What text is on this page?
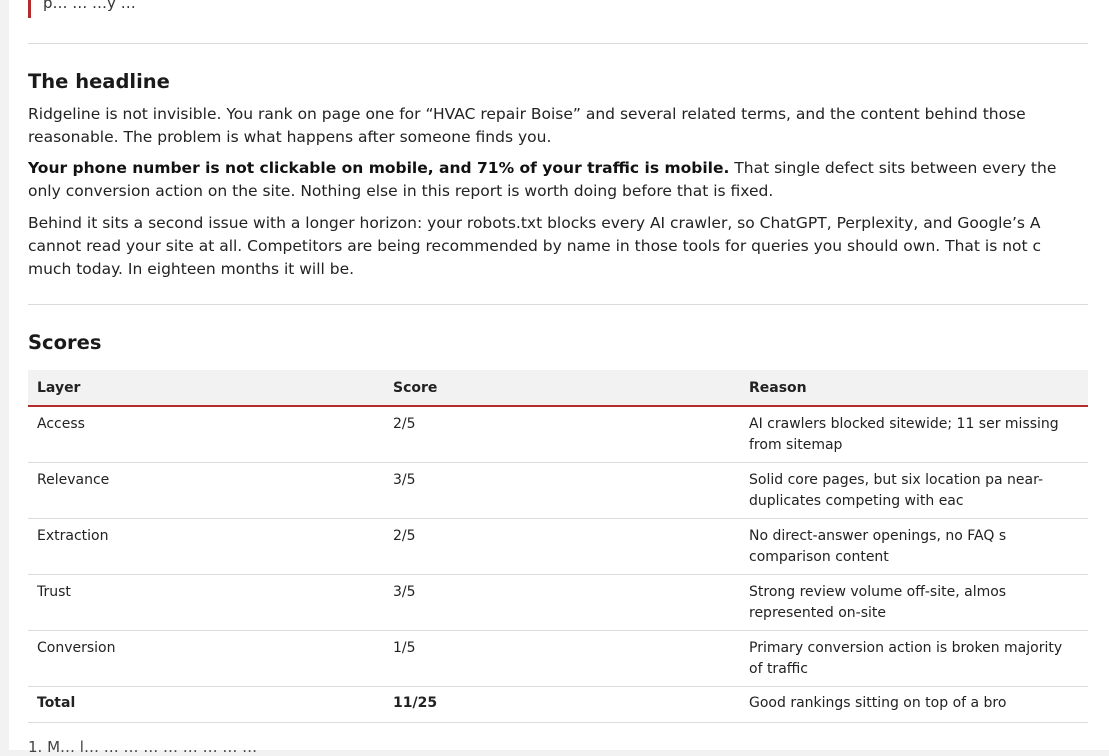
p… … …y …
The headline

Ridgeline is not invisible. You rank on page one for “HVAC repair Boise” and several related terms, and the content behind those reasonable. The problem is what happens after someone finds you.

Your phone number is not clickable on mobile, and 71% of your traffic is mobile. That single defect sits between every the only conversion action on the site. Nothing else in this report is worth doing before that is fixed.

Behind it sits a second issue with a longer horizon: your robots.txt blocks every AI crawler, so ChatGPT, Perplexity, and Google’s A cannot read your site at all. Competitors are being recommended by name in those tools for queries you should own. That is not c much today. In eighteen months it will be.

Scores
Layer	Score	Reason
Access	2/5	AI crawlers blocked sitewide; 11 ser missing from sitemap
Relevance	3/5	Solid core pages, but six location pa near-duplicates competing with eac
Extraction	2/5	No direct-answer openings, no FAQ s comparison content
Trust	3/5	Strong review volume off-site, almos represented on-site
Conversion	1/5	Primary conversion action is broken majority of traffic
Total	11/25	Good rankings sitting on top of a bro
1. M… l… … … … … … … … …
